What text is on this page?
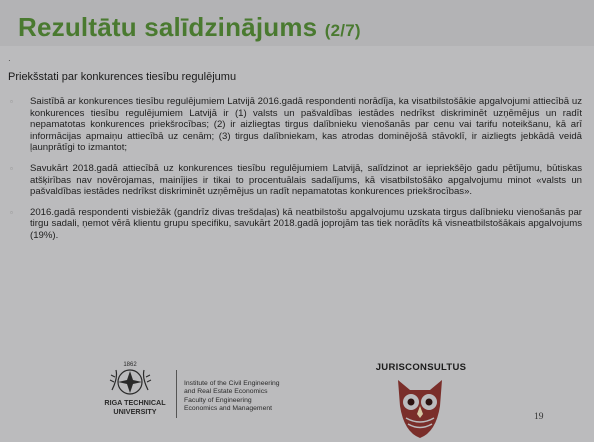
Rezultātu salīdzinājums (2/7)
·
Priekšstati par konkurences tiesību regulējumu
▫ Saistībā ar konkurences tiesību regulējumiem Latvijā 2016.gadā respondenti norādīja, ka visatbilstošākie apgalvojumi attiecībā uz konkurences tiesību regulējumiem Latvijā ir (1) valsts un pašvaldības iestādes nedrīkst diskriminēt uzņēmējus un radīt nepamatotas konkurences priekšrocības; (2) ir aizliegtas tirgus dalībnieku vienošanās par cenu vai tarifu noteikšanu, kā arī informācijas apmaiņu attiecībā uz cenām; (3) tirgus dalībniekam, kas atrodas dominējošā stāvoklī, ir aizliegts jebkādā veidā ļaunprātīgi to izmantot;
▫ Savukārt 2018.gadā attiecībā uz konkurences tiesību regulējumiem Latvijā, salīdzinot ar iepriekšējo gadu pētījumu, būtiskas atšķirības nav novērojamas, mainījies ir tikai to procentuālais sadalījums, kā visatbilstošāko apgalvojumu minot «valsts un pašvaldības iestādes nedrīkst diskriminēt uzņēmējus un radīt nepamatotas konkurences priekšrocības».
▫ 2016.gadā respondenti visbiežāk (gandrīz divas trešdaļas) kā neatbilstošu apgalvojumu uzskata tirgus dalībnieku vienošanās par tirgu sadali, ņemot vērā klientu grupu specifiku, savukārt 2018.gadā joprojām tas tiek norādīts kā visneatbilstošākais apgalvojums (19%).
1862
RIGA TECHNICAL
UNIVERSITY
Institute of the Civil Engineering
and Real Estate Economics
Faculty of Engineering
Economics and Management
JURISCONSULTUS
19
